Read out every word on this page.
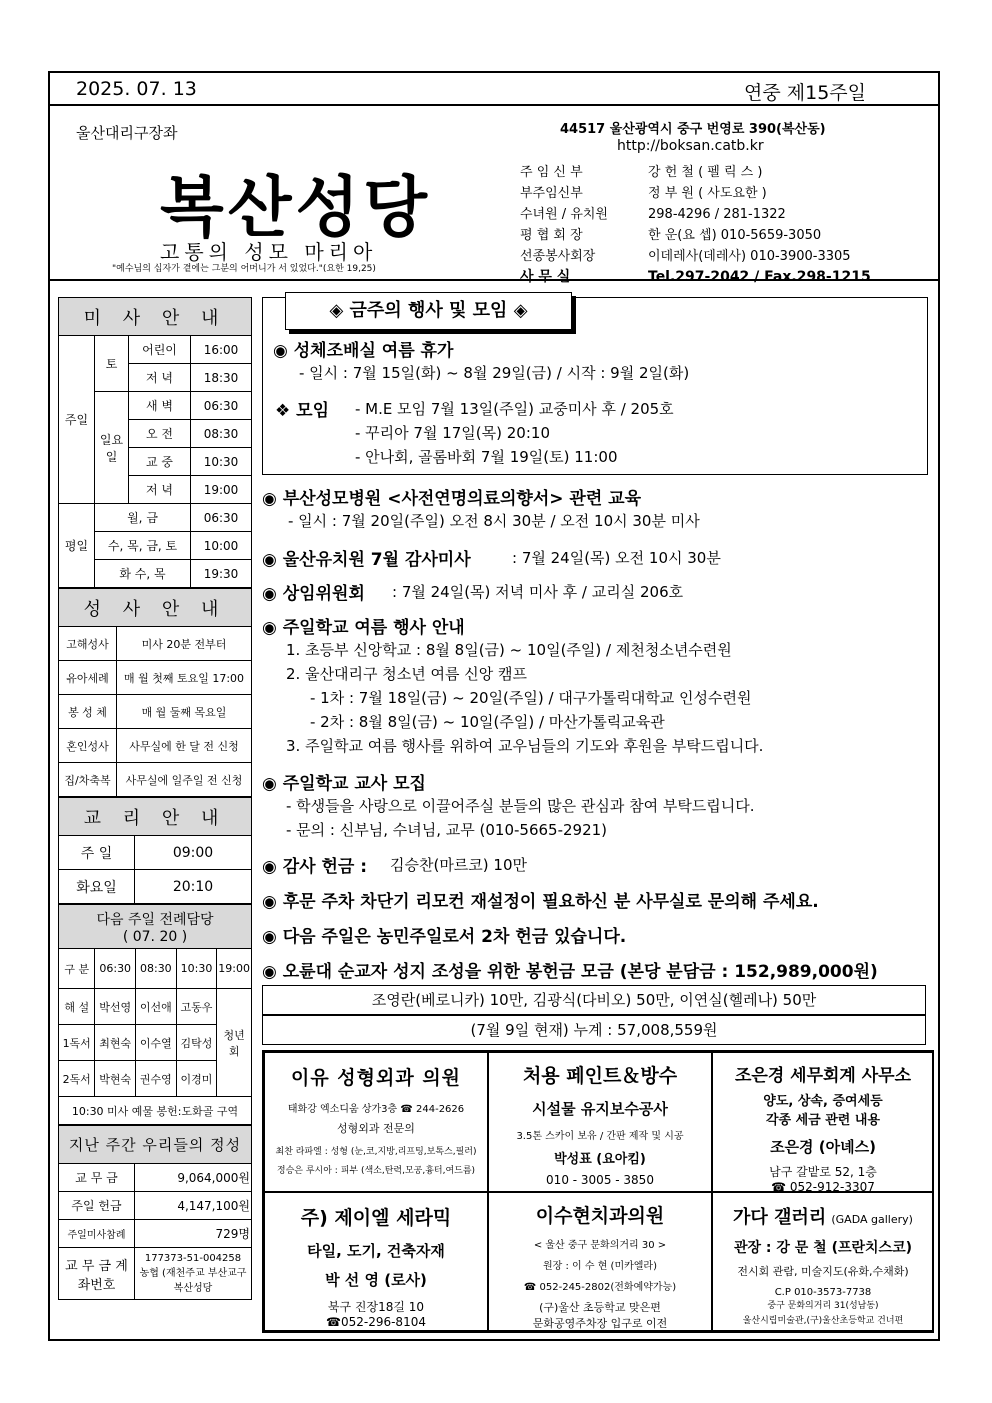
2025. 07. 13	연중 제15주일
울산대리구장좌
복산성당
고통의 성모 마리아
"예수님의 십자가 곁에는 그분의 어머니가 서 있었다."(요한 19,25)
44517 울산광역시 중구 번영로 390(복산동)
http://boksan.catb.kr
주 임 신 부	강 헌 철 ( 펠 릭 스 )
부주임신부	정 부 원 ( 사도요한 )
수녀원 / 유치원	298-4296 / 281-1322
평 협 회 장	한 운(요 셉) 010-5659-3050
선종봉사회장	이데레사(데레사) 010-3900-3305
사 무 실	Tel.297-2042 / Fax.298-1215
미 사 안 내			
주일	토	어린이	16:00
		저 녁	18:30
	일요일	새 벽	06:30
		오 전	08:30
		교 중	10:30
		저 녁	19:00
평일	월, 금		06:30
	수, 목, 금, 토		10:00
	화 수, 목		19:30
성 사 안 내	
고해성사	미사 20분 전부터
유아세례	매 월 첫째 토요일 17:00
봉 성 체	매 월 둘째 목요일
혼인성사	사무실에 한 달 전 신청
집/차축복	사무실에 일주일 전 신청
교 리 안 내	
주 일	09:00
화요일	20:10
다음 주일 전례담당
( 07. 20 )				

구 분	06:30	08:30	10:30	19:00
해 설	박선영	이선애	고동우	청년회
1독서	최현숙	이수열	김탁성	
2독서	박현숙	권수영	이경미	
10:30 미사 예물 봉헌:도화골 구역				
지난 주간 우리들의 정성	
교 무 금	9,064,000원
주일 헌금	4,147,100원
주일미사참례	729명
교 무 금 계좌번호	177373-51-004258
농협 (재천주교 부산교구
복산성당
◈ 금주의 행사 및 모임 ◈
◉ 성체조배실 여름 휴가
- 일시 : 7월 15일(화) ~ 8월 29일(금) / 시작 : 9월 2일(화)
❖ 모임 - M.E 모임 7월 13일(주일) 교중미사 후 / 205호
- 꾸리아 7월 17일(목) 20:10
- 안나회, 골롬바회 7월 19일(토) 11:00
◉ 부산성모병원 <사전연명의료의향서> 관련 교육
- 일시 : 7월 20일(주일) 오전 8시 30분 / 오전 10시 30분 미사
◉ 울산유치원 7월 감사미사	: 7월 24일(목) 오전 10시 30분
◉ 상임위원회 : 7월 24일(목) 저녁 미사 후 / 교리실 206호
◉ 주일학교 여름 행사 안내
1. 초등부 신앙학교 : 8월 8일(금) ~ 10일(주일) / 제천청소년수련원
2. 울산대리구 청소년 여름 신앙 캠프
- 1차 : 7월 18일(금) ~ 20일(주일) / 대구가톨릭대학교 인성수련원
- 2차 : 8월 8일(금) ~ 10일(주일) / 마산가톨릭교육관
3. 주일학교 여름 행사를 위하여 교우님들의 기도와 후원을 부탁드립니다.
◉ 주일학교 교사 모집
- 학생들을 사랑으로 이끌어주실 분들의 많은 관심과 참여 부탁드립니다.
- 문의 : 신부님, 수녀님, 교무 (010-5665-2921)
◉ 감사 헌금 : 김승찬(마르코) 10만
◉ 후문 주차 차단기 리모컨 재설정이 필요하신 분 사무실로 문의해 주세요.
◉ 다음 주일은 농민주일로서 2차 헌금 있습니다.
◉ 오륜대 순교자 성지 조성을 위한 봉헌금 모금 (본당 분담금 : 152,989,000원)
조영란(베로니카) 10만, 김광식(다비오) 50만, 이연실(헬레나) 50만
(7월 9일 현재) 누계 : 57,008,559원
이유 성형외과 의원
태화강 엑소디움 상가3층 ☎ 244-2626
성형외과 전문의
최찬 라파엘 : 성형 (눈,코,지방,리프팅,보톡스,필러)
정승은 루시아 : 피부 (색소,탄력,모공,흉터,여드름)
처용 페인트＆방수
시설물 유지보수공사
3.5톤 스카이 보유 / 간판 제작 및 시공
박성표 (요아킴)
010 - 3005 - 3850
조은경 세무회계 사무소
양도, 상속, 증여세등
각종 세금 관련 내용
조은경 (아녜스)
남구 갈밭로 52, 1층
☎ 052-912-3307
주) 제이엘 세라믹
타일, 도기, 건축자재
박 선 영 (로사)
북구 진장18길 10
☎052-296-8104
이수현치과의원
< 울산 중구 문화의거리 30 >
원장 : 이 수 현 (미카엘라)
☎ 052-245-2802(전화예약가능)
(구)울산 초등학교 맞은편
문화공영주차장 입구로 이전
가다 갤러리 (GADA gallery)
관장 : 강 문 철 (프란치스코)
전시회 관람, 미술지도(유화,수채화)
C.P 010-3573-7738
중구 문화의거리 31(성남동)
울산시립미술관,(구)울산초등학교 건너편
